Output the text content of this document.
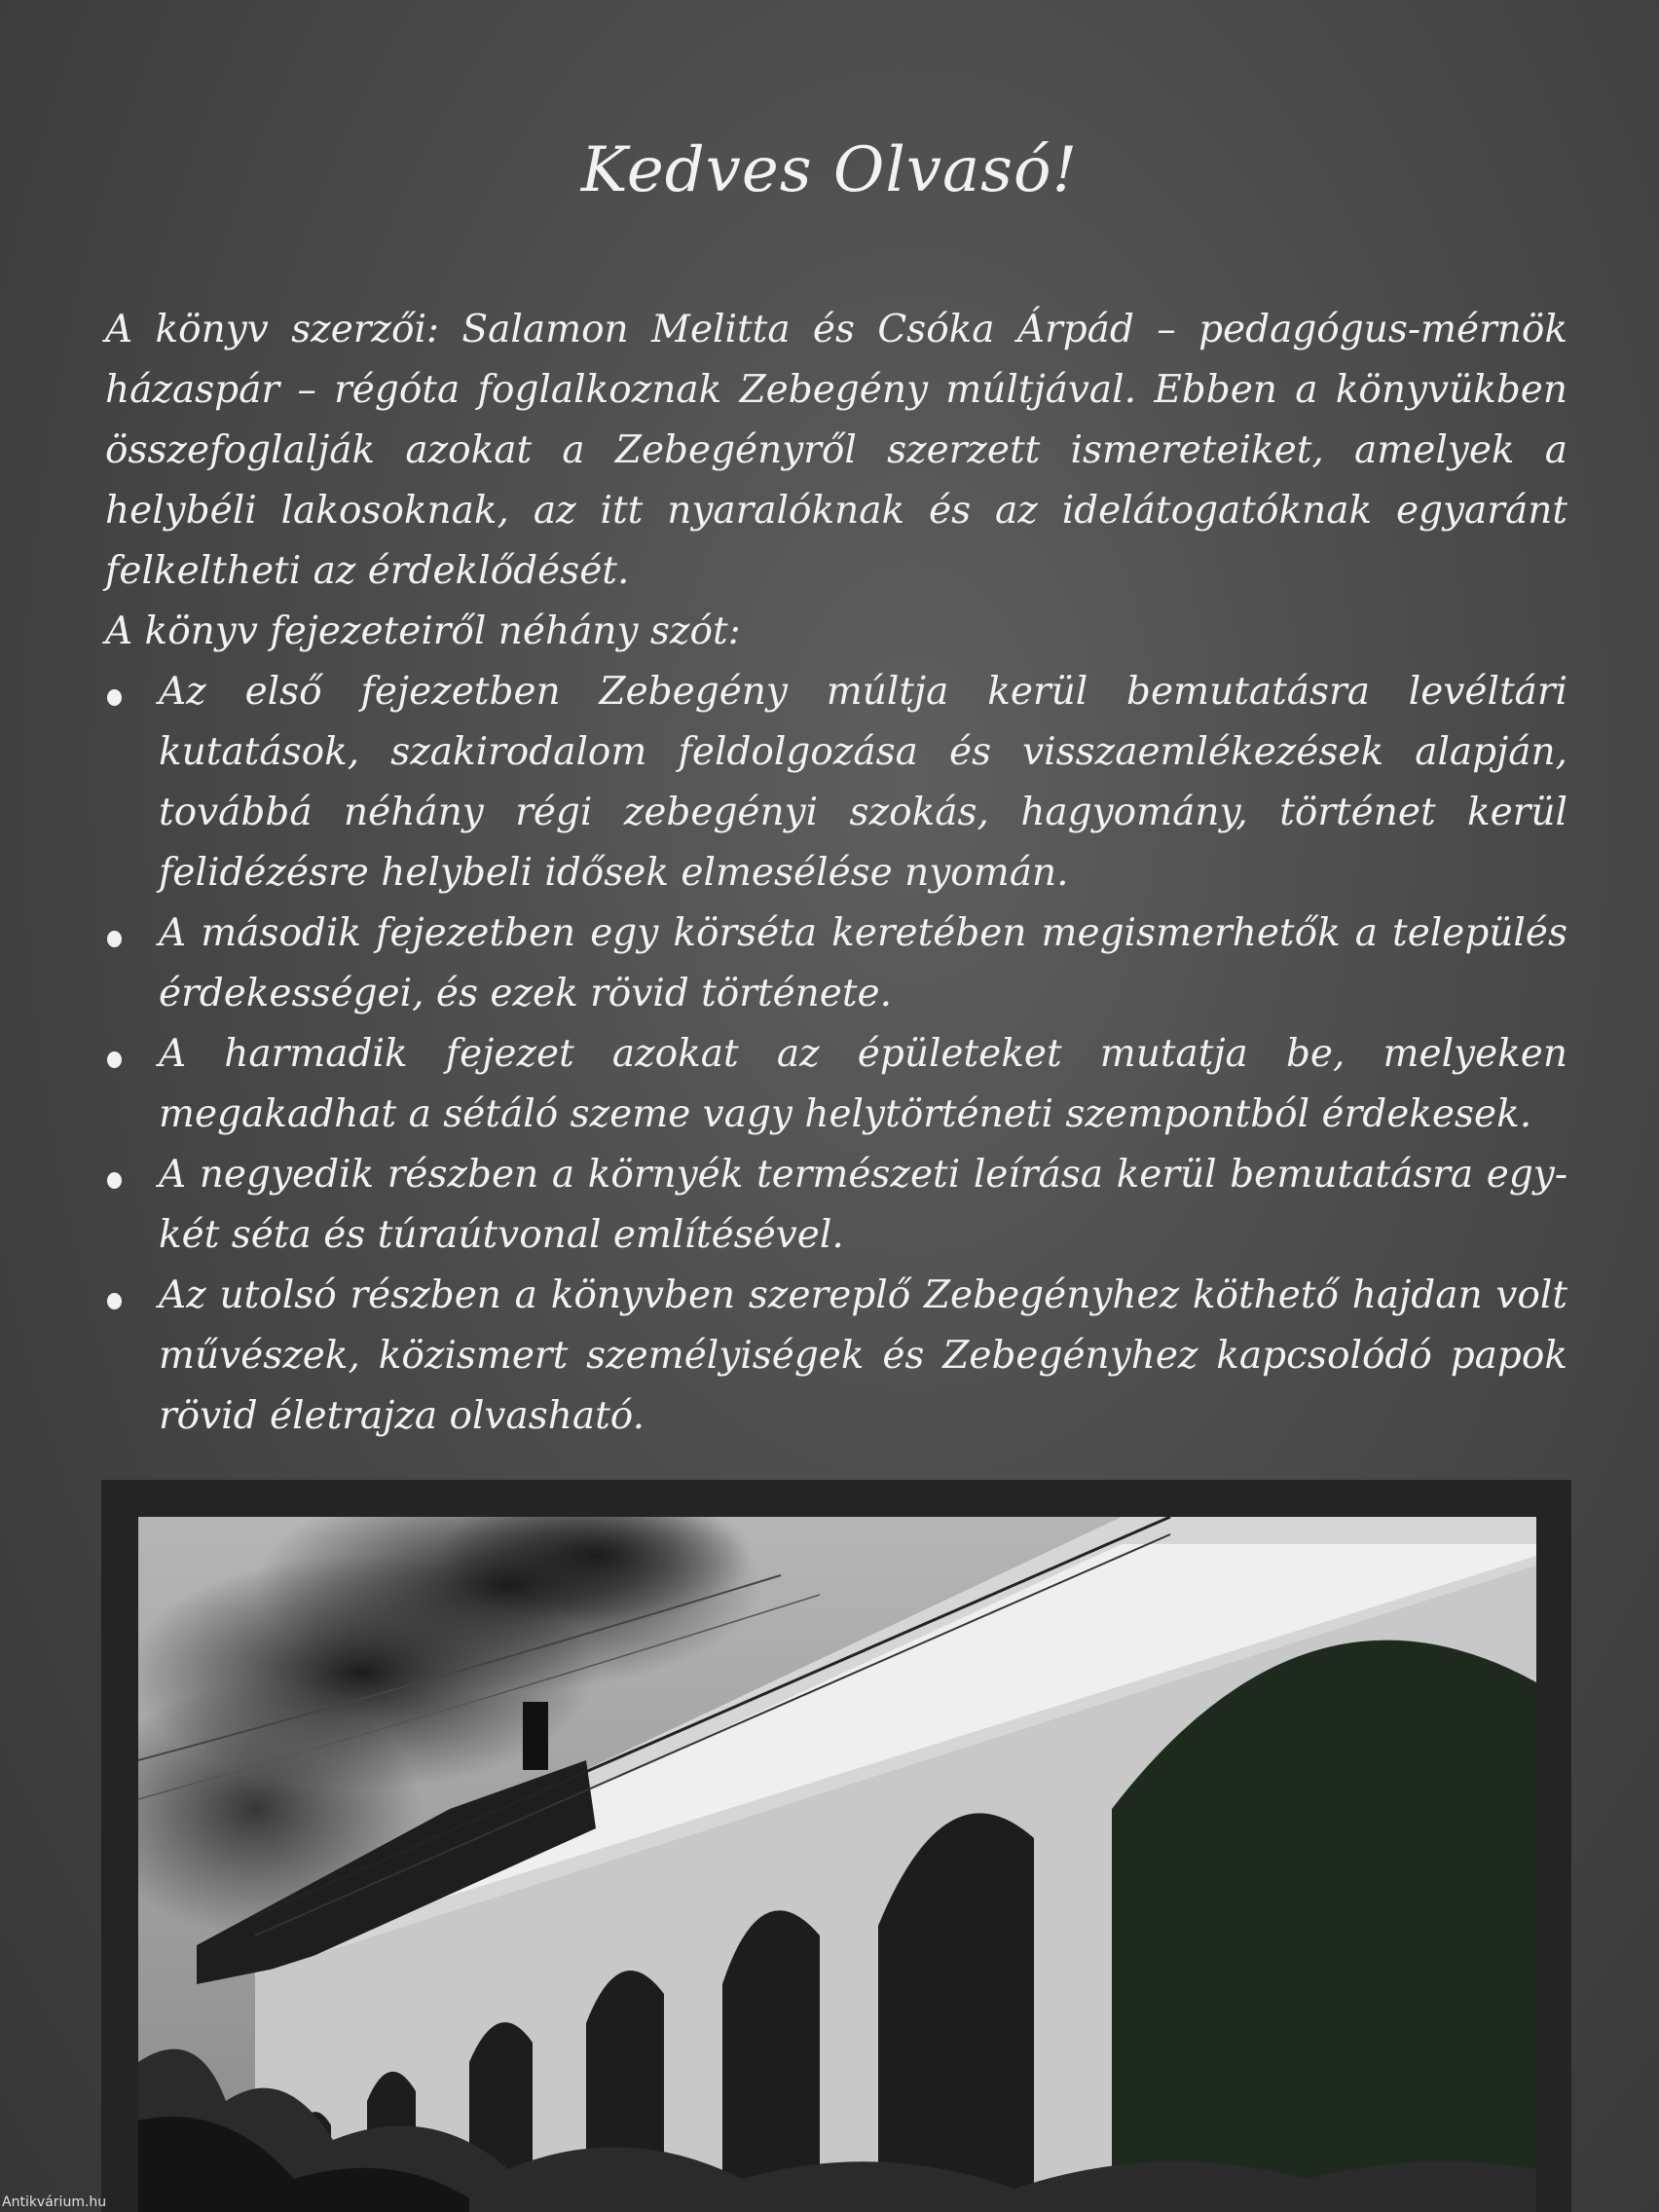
Kedves Olvasó!

A könyv szerzői: Salamon Melitta és Csóka Árpád – pedagógus-mérnök házaspár – régóta foglalkoznak Zebegény múltjával. Ebben a könyvükben összefoglalják azokat a Zebegényről szerzett ismereteiket, amelyek a helybéli lakosoknak, az itt nyaralóknak és az idelátogatóknak egyaránt felkeltheti az érdeklődését.

A könyv fejezeteiről néhány szót:

Az első fejezetben Zebegény múltja kerül bemutatásra levéltári kutatások, szakirodalom feldolgozása és visszaemlékezések alapján, továbbá néhány régi zebegényi szokás, hagyomány, történet kerül felidézésre helybeli idősek elmesélése nyomán.
A második fejezetben egy körséta keretében megismerhetők a település érdekességei, és ezek rövid története.
A harmadik fejezet azokat az épületeket mutatja be, melyeken megakadhat a sétáló szeme vagy helytörténeti szempontból érdekesek.
A negyedik részben a környék természeti leírása kerül bemutatásra egy-két séta és túraútvonal említésével.
Az utolsó részben a könyvben szereplő Zebegényhez köthető hajdan volt művészek, közismert személyiségek és Zebegényhez kapcsolódó papok rövid életrajza olvasható.
Antikvárium.hu
